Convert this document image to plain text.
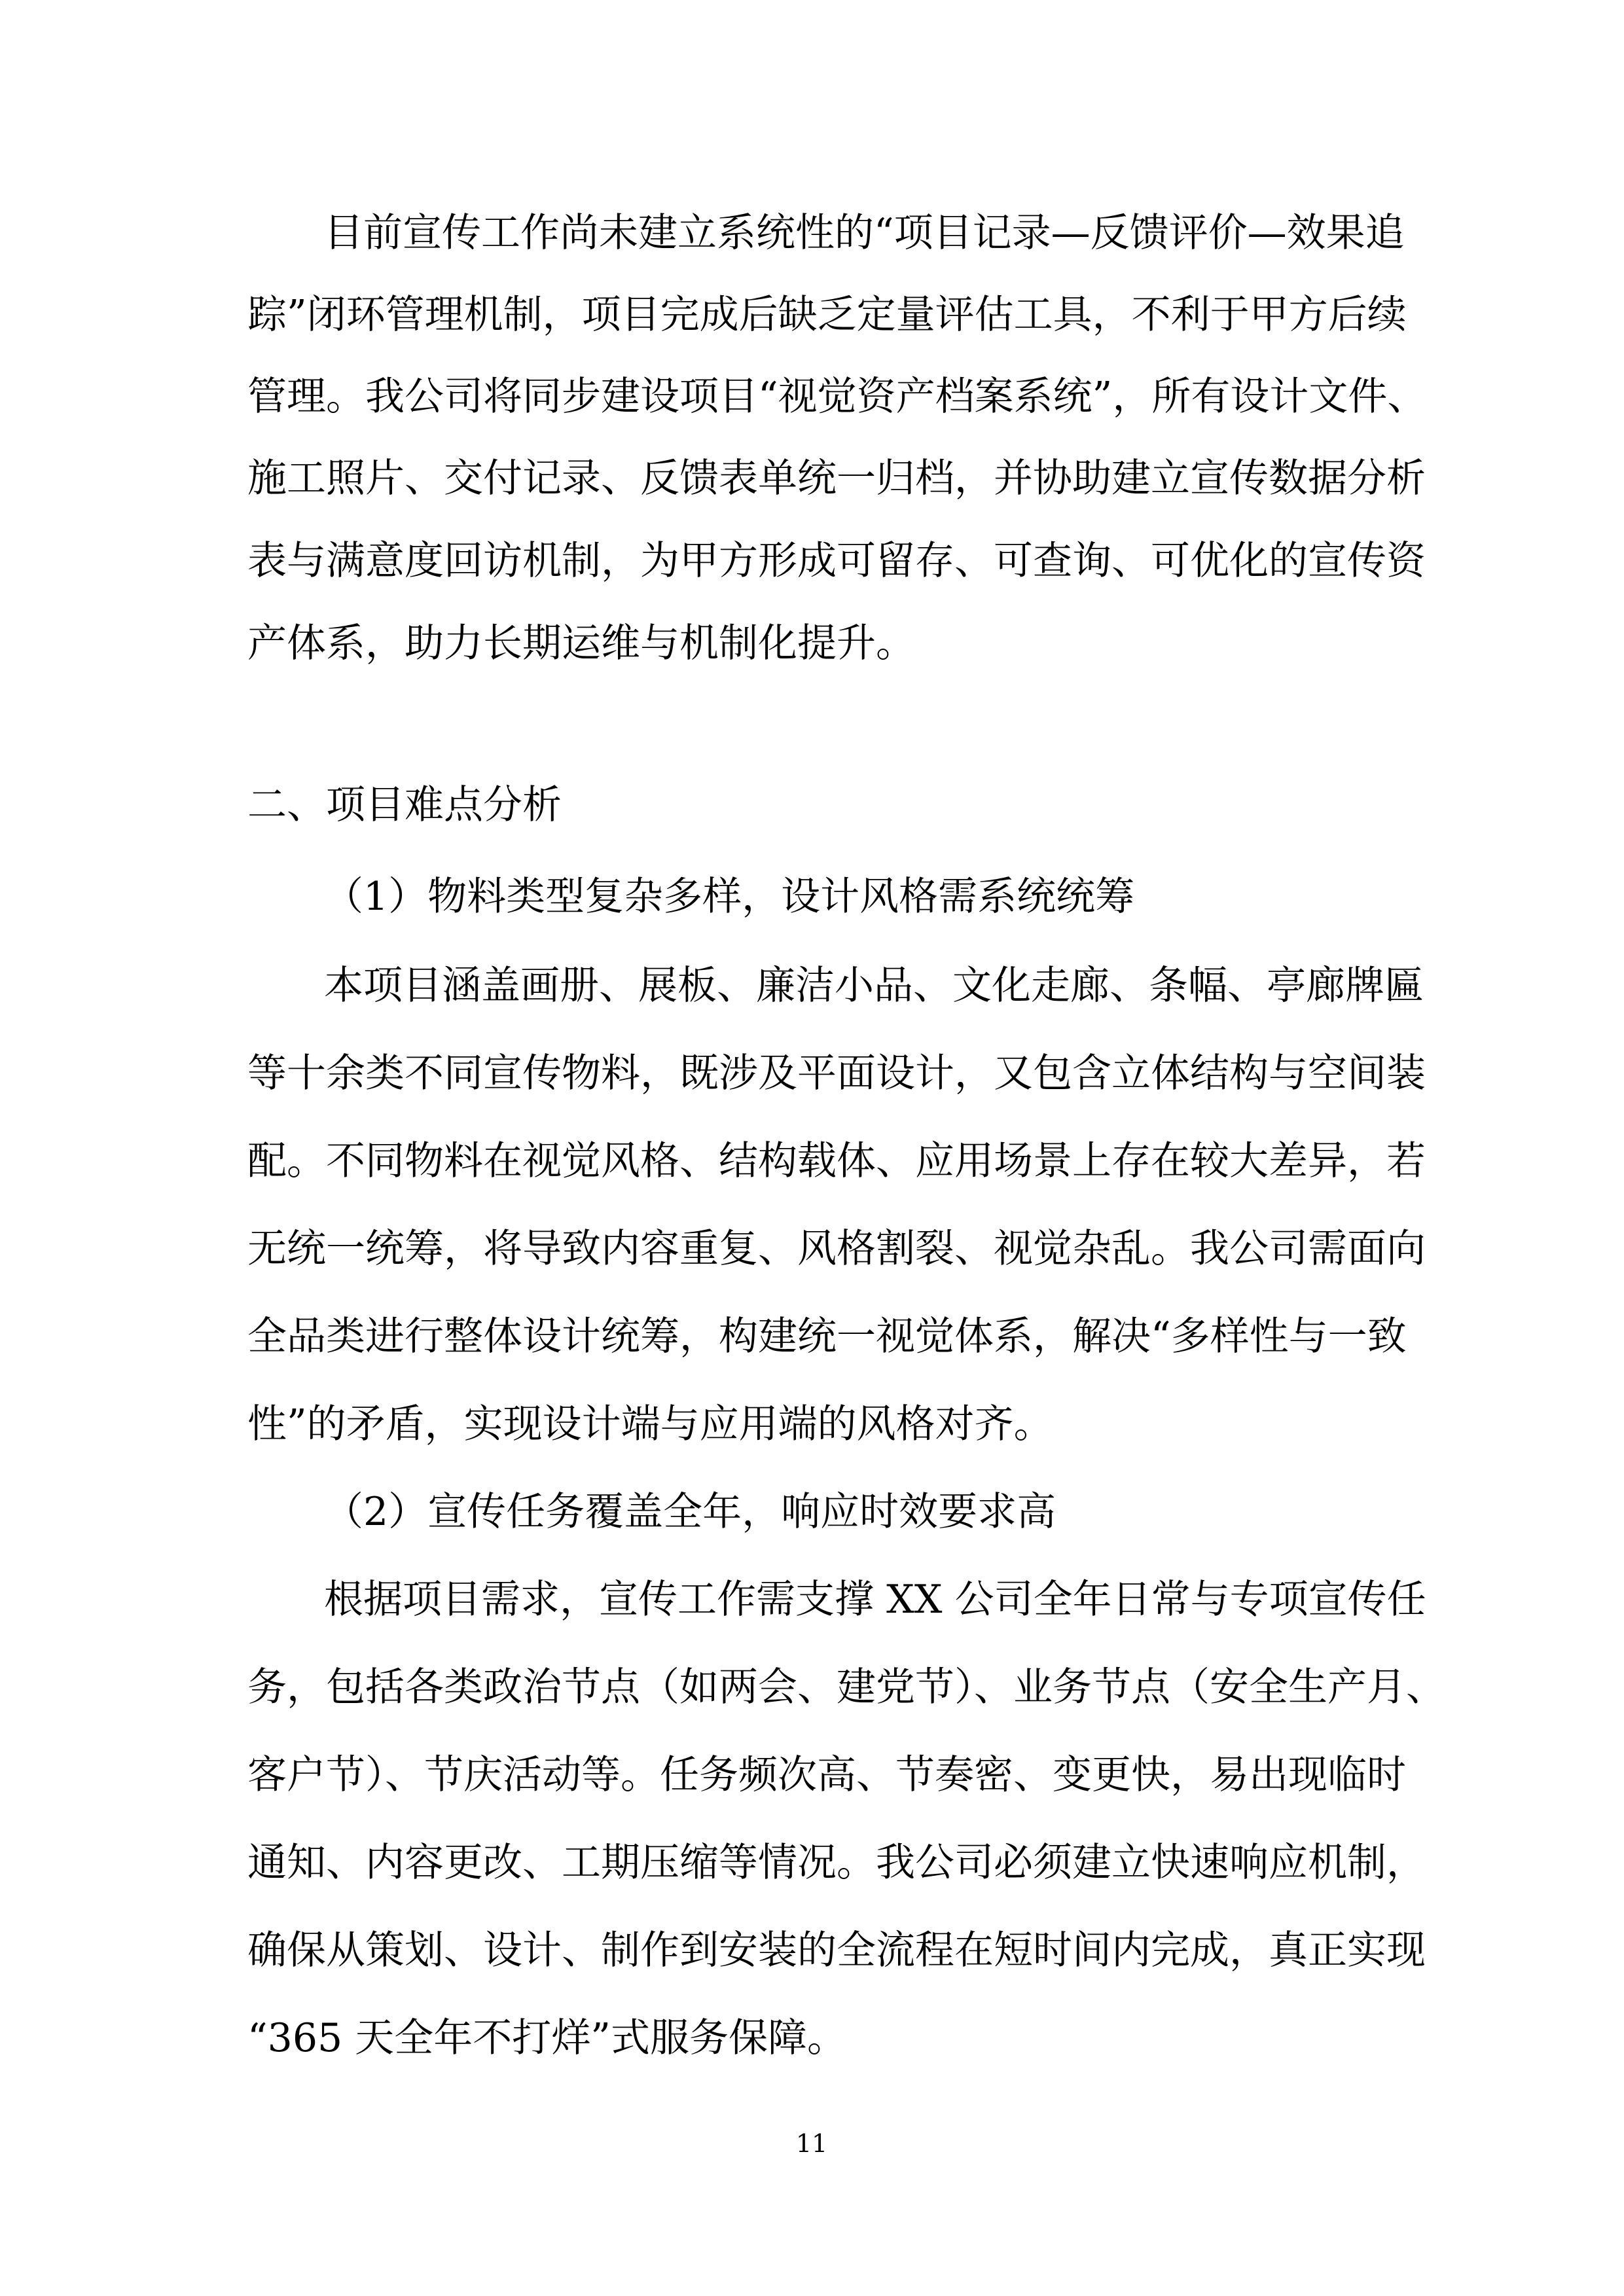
目前宣传工作尚未建立系统性的“项目记录—反馈评价—效果追
踪”闭环管理机制，项目完成后缺乏定量评估工具，不利于甲方后续
管理。我公司将同步建设项目“视觉资产档案系统”，所有设计文件、
施工照片、交付记录、反馈表单统一归档，并协助建立宣传数据分析
表与满意度回访机制，为甲方形成可留存、可查询、可优化的宣传资
产体系，助力长期运维与机制化提升。
二、项目难点分析
（1）物料类型复杂多样，设计风格需系统统筹
本项目涵盖画册、展板、廉洁小品、文化走廊、条幅、亭廊牌匾
等十余类不同宣传物料，既涉及平面设计，又包含立体结构与空间装
配。不同物料在视觉风格、结构载体、应用场景上存在较大差异，若
无统一统筹，将导致内容重复、风格割裂、视觉杂乱。我公司需面向
全品类进行整体设计统筹，构建统一视觉体系，解决“多样性与一致
性”的矛盾，实现设计端与应用端的风格对齐。
（2）宣传任务覆盖全年，响应时效要求高
根据项目需求，宣传工作需支撑 XX 公司全年日常与专项宣传任
务，包括各类政治节点（如两会、建党节）、业务节点（安全生产月、
客户节）、节庆活动等。任务频次高、节奏密、变更快，易出现临时
通知、内容更改、工期压缩等情况。我公司必须建立快速响应机制，
确保从策划、设计、制作到安装的全流程在短时间内完成，真正实现
“365 天全年不打烊”式服务保障。
11
